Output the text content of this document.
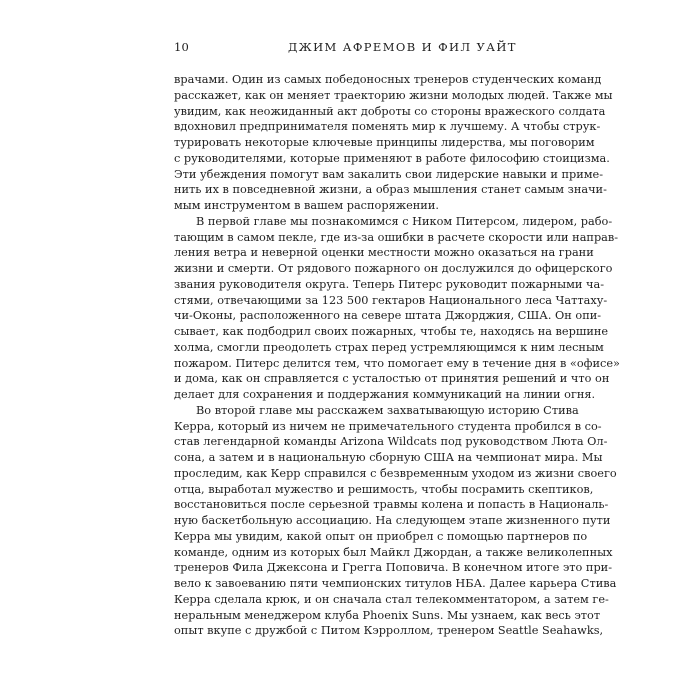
10	ДЖИМ АФРЕМОВ И ФИЛ УАЙТ

врачами. Один из самых победоносных тренеров студенческих команд
расскажет, как он меняет траекторию жизни молодых людей. Также мы
увидим, как неожиданный акт доброты со стороны вражеского солдата
вдохновил предпринимателя поменять мир к лучшему. А чтобы струк-
турировать некоторые ключевые принципы лидерства, мы поговорим
с руководителями, которые применяют в работе философию стоицизма.
Эти убеждения помогут вам закалить свои лидерские навыки и приме-
нить их в повседневной жизни, а образ мышления станет самым значи-
мым инструментом в вашем распоряжении.

В первой главе мы познакомимся с Ником Питерсом, лидером, рабо-
тающим в самом пекле, где из-за ошибки в расчете скорости или направ-
ления ветра и неверной оценки местности можно оказаться на грани
жизни и смерти. От рядового пожарного он дослужился до офицерского
звания руководителя округа. Теперь Питерс руководит пожарными ча-
стями, отвечающими за 123 500 гектаров Национального леса Чаттаху-
чи-Оконы, расположенного на севере штата Джорджия, США. Он опи-
сывает, как подбодрил своих пожарных, чтобы те, находясь на вершине
холма, смогли преодолеть страх перед устремляющимся к ним лесным
пожаром. Питерс делится тем, что помогает ему в течение дня в «офисе»
и дома, как он справляется с усталостью от принятия решений и что он
делает для сохранения и поддержания коммуникаций на линии огня.

Во второй главе мы расскажем захватывающую историю Стива
Керра, который из ничем не примечательного студента пробился в со-
став легендарной команды Arizona Wildcats под руководством Люта Ол-
сона, а затем и в национальную сборную США на чемпионат мира. Мы
проследим, как Керр справился с безвременным уходом из жизни своего
отца, выработал мужество и решимость, чтобы посрамить скептиков,
восстановиться после серьезной травмы колена и попасть в Националь-
ную баскетбольную ассоциацию. На следующем этапе жизненного пути
Керра мы увидим, какой опыт он приобрел с помощью партнеров по
команде, одним из которых был Майкл Джордан, а также великолепных
тренеров Фила Джексона и Грегга Поповича. В конечном итоге это при-
вело к завоеванию пяти чемпионских титулов НБА. Далее карьера Стива
Керра сделала крюк, и он сначала стал телекомментатором, а затем ге-
неральным менеджером клуба Phoenix Suns. Мы узнаем, как весь этот
опыт вкупе с дружбой с Питом Кэрроллом, тренером Seattle Seahawks,
